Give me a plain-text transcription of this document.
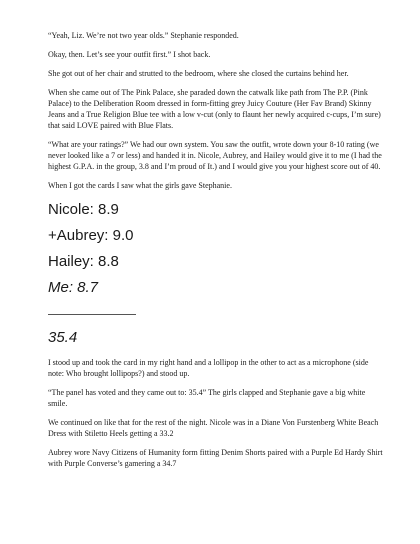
“Yeah, Liz. We’re not two year olds.” Stephanie responded.

Okay, then. Let’s see your outfit first.” I shot back.

She got out of her chair and strutted to the bedroom, where she closed the curtains behind her.

When she came out of The Pink Palace, she paraded down the catwalk like path from The P.P. (Pink Palace) to the Deliberation Room dressed in form-fitting grey Juicy Couture (Her Fav Brand) Skinny Jeans and a True Religion Blue tee with a low v-cut (only to flaunt her newly acquired c-cups, I’m sure) that said LOVE paired with Blue Flats.

“What are your ratings?” We had our own system. You saw the outfit, wrote down your 8-10 rating (we never looked like a 7 or less) and handed it in. Nicole, Aubrey, and Hailey would give it to me (I had the highest G.P.A. in the group, 3.8 and I’m proud of It.) and I would give you your highest score out of 40.

When I got the cards I saw what the girls gave Stephanie.

Nicole: 8.9
+Aubrey: 9.0
Hailey: 8.8
Me: 8.7
35.4

I stood up and took the card in my right hand and a lollipop in the other to act as a microphone (side note: Who brought lollipops?) and stood up.

“The panel has voted and they came out to: 35.4” The girls clapped and Stephanie gave a big white smile.

We continued on like that for the rest of the night. Nicole was in a Diane Von Furstenberg White Beach Dress with Stiletto Heels getting a 33.2

Aubrey wore Navy Citizens of Humanity form fitting Denim Shorts paired with a Purple Ed Hardy Shirt with Purple Converse’s gamering a 34.7
